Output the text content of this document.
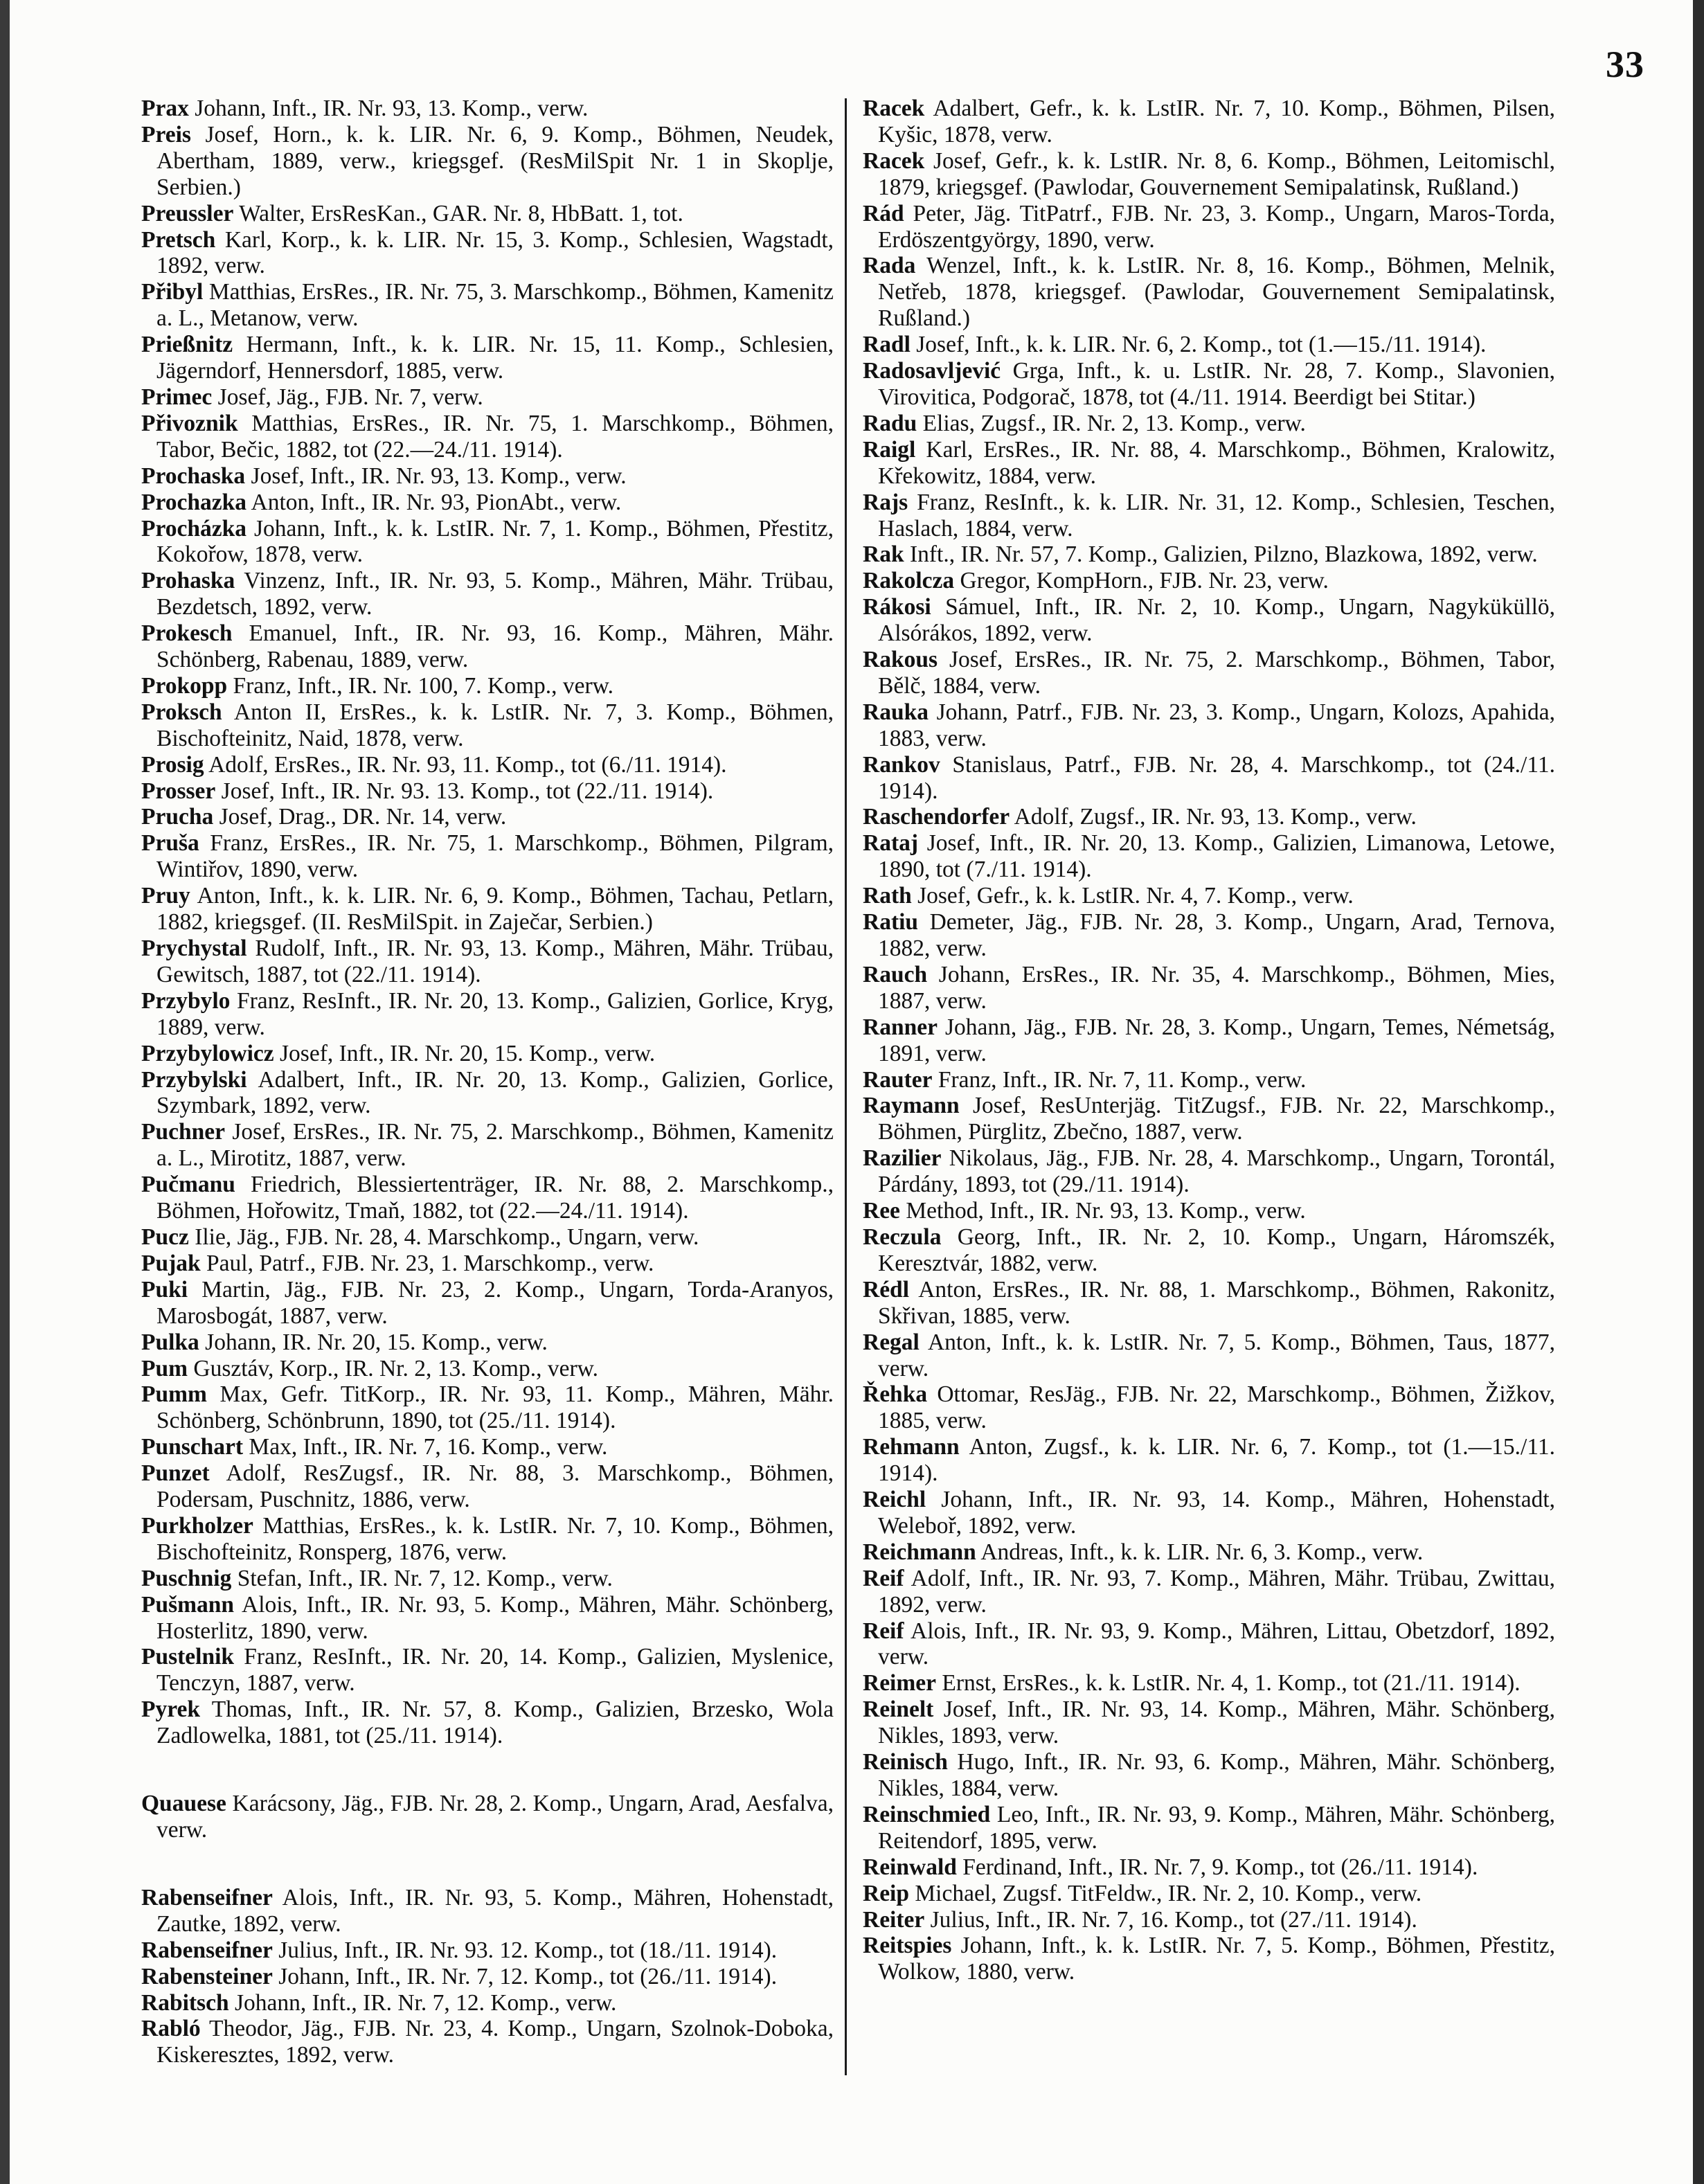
33

Prax Johann, Inft., IR. Nr. 93, 13. Komp., verw.

Preis Josef, Horn., k. k. LIR. Nr. 6, 9. Komp., Böhmen, Neudek, Abertham, 1889, verw., kriegsgef. (ResMilSpit Nr. 1 in Skoplje, Serbien.)

Preussler Walter, ErsResKan., GAR. Nr. 8, HbBatt. 1, tot.

Pretsch Karl, Korp., k. k. LIR. Nr. 15, 3. Komp., Schlesien, Wagstadt, 1892, verw.

Přibyl Matthias, ErsRes., IR. Nr. 75, 3. Marschkomp., Böhmen, Kamenitz a. L., Metanow, verw.

Prießnitz Hermann, Inft., k. k. LIR. Nr. 15, 11. Komp., Schlesien, Jägerndorf, Hennersdorf, 1885, verw.

Primec Josef, Jäg., FJB. Nr. 7, verw.

Přivoznik Matthias, ErsRes., IR. Nr. 75, 1. Marschkomp., Böhmen, Tabor, Bečic, 1882, tot (22.—24./11. 1914).

Prochaska Josef, Inft., IR. Nr. 93, 13. Komp., verw.

Prochazka Anton, Inft., IR. Nr. 93, PionAbt., verw.

Procházka Johann, Inft., k. k. LstIR. Nr. 7, 1. Komp., Böhmen, Přestitz, Kokořow, 1878, verw.

Prohaska Vinzenz, Inft., IR. Nr. 93, 5. Komp., Mähren, Mähr. Trübau, Bezdetsch, 1892, verw.

Prokesch Emanuel, Inft., IR. Nr. 93, 16. Komp., Mähren, Mähr. Schönberg, Rabenau, 1889, verw.

Prokopp Franz, Inft., IR. Nr. 100, 7. Komp., verw.

Proksch Anton II, ErsRes., k. k. LstIR. Nr. 7, 3. Komp., Böhmen, Bischofteinitz, Naid, 1878, verw.

Prosig Adolf, ErsRes., IR. Nr. 93, 11. Komp., tot (6./11. 1914).

Prosser Josef, Inft., IR. Nr. 93. 13. Komp., tot (22./11. 1914).

Prucha Josef, Drag., DR. Nr. 14, verw.

Pruša Franz, ErsRes., IR. Nr. 75, 1. Marschkomp., Böhmen, Pilgram, Wintiřov, 1890, verw.

Pruy Anton, Inft., k. k. LIR. Nr. 6, 9. Komp., Böhmen, Tachau, Petlarn, 1882, kriegsgef. (II. ResMilSpit. in Zaječar, Serbien.)

Prychystal Rudolf, Inft., IR. Nr. 93, 13. Komp., Mähren, Mähr. Trübau, Gewitsch, 1887, tot (22./11. 1914).

Przybylo Franz, ResInft., IR. Nr. 20, 13. Komp., Galizien, Gorlice, Kryg, 1889, verw.

Przybylowicz Josef, Inft., IR. Nr. 20, 15. Komp., verw.

Przybylski Adalbert, Inft., IR. Nr. 20, 13. Komp., Galizien, Gorlice, Szymbark, 1892, verw.

Puchner Josef, ErsRes., IR. Nr. 75, 2. Marschkomp., Böhmen, Kamenitz a. L., Mirotitz, 1887, verw.

Pučmanu Friedrich, Blessiertenträger, IR. Nr. 88, 2. Marschkomp., Böhmen, Hořowitz, Tmaň, 1882, tot (22.—24./11. 1914).

Pucz Ilie, Jäg., FJB. Nr. 28, 4. Marschkomp., Ungarn, verw.

Pujak Paul, Patrf., FJB. Nr. 23, 1. Marschkomp., verw.

Puki Martin, Jäg., FJB. Nr. 23, 2. Komp., Ungarn, Torda-Aranyos, Marosbogát, 1887, verw.

Pulka Johann, IR. Nr. 20, 15. Komp., verw.

Pum Gusztáv, Korp., IR. Nr. 2, 13. Komp., verw.

Pumm Max, Gefr. TitKorp., IR. Nr. 93, 11. Komp., Mähren, Mähr. Schönberg, Schönbrunn, 1890, tot (25./11. 1914).

Punschart Max, Inft., IR. Nr. 7, 16. Komp., verw.

Punzet Adolf, ResZugsf., IR. Nr. 88, 3. Marschkomp., Böhmen, Podersam, Puschnitz, 1886, verw.

Purkholzer Matthias, ErsRes., k. k. LstIR. Nr. 7, 10. Komp., Böhmen, Bischofteinitz, Ronsperg, 1876, verw.

Puschnig Stefan, Inft., IR. Nr. 7, 12. Komp., verw.

Pušmann Alois, Inft., IR. Nr. 93, 5. Komp., Mähren, Mähr. Schönberg, Hosterlitz, 1890, verw.

Pustelnik Franz, ResInft., IR. Nr. 20, 14. Komp., Galizien, Myslenice, Tenczyn, 1887, verw.

Pyrek Thomas, Inft., IR. Nr. 57, 8. Komp., Galizien, Brzesko, Wola Zadlowelka, 1881, tot (25./11. 1914).

Quauese Karácsony, Jäg., FJB. Nr. 28, 2. Komp., Ungarn, Arad, Aesfalva, verw.

Rabenseifner Alois, Inft., IR. Nr. 93, 5. Komp., Mähren, Hohenstadt, Zautke, 1892, verw.

Rabenseifner Julius, Inft., IR. Nr. 93. 12. Komp., tot (18./11. 1914).

Rabensteiner Johann, Inft., IR. Nr. 7, 12. Komp., tot (26./11. 1914).

Rabitsch Johann, Inft., IR. Nr. 7, 12. Komp., verw.

Rabló Theodor, Jäg., FJB. Nr. 23, 4. Komp., Ungarn, Szolnok-Doboka, Kiskeresztes, 1892, verw.

Racek Adalbert, Gefr., k. k. LstIR. Nr. 7, 10. Komp., Böhmen, Pilsen, Kyšic, 1878, verw.

Racek Josef, Gefr., k. k. LstIR. Nr. 8, 6. Komp., Böhmen, Leitomischl, 1879, kriegsgef. (Pawlodar, Gouvernement Semipalatinsk, Rußland.)

Rád Peter, Jäg. TitPatrf., FJB. Nr. 23, 3. Komp., Ungarn, Maros-Torda, Erdöszentgyörgy, 1890, verw.

Rada Wenzel, Inft., k. k. LstIR. Nr. 8, 16. Komp., Böhmen, Melnik, Netřeb, 1878, kriegsgef. (Pawlodar, Gouvernement Semipalatinsk, Rußland.)

Radl Josef, Inft., k. k. LIR. Nr. 6, 2. Komp., tot (1.—15./11. 1914).

Radosavljević Grga, Inft., k. u. LstIR. Nr. 28, 7. Komp., Slavonien, Virovitica, Podgorač, 1878, tot (4./11. 1914. Beerdigt bei Stitar.)

Radu Elias, Zugsf., IR. Nr. 2, 13. Komp., verw.

Raigl Karl, ErsRes., IR. Nr. 88, 4. Marschkomp., Böhmen, Kralowitz, Křekowitz, 1884, verw.

Rajs Franz, ResInft., k. k. LIR. Nr. 31, 12. Komp., Schlesien, Teschen, Haslach, 1884, verw.

Rak Inft., IR. Nr. 57, 7. Komp., Galizien, Pilzno, Blazkowa, 1892, verw.

Rakolcza Gregor, KompHorn., FJB. Nr. 23, verw.

Rákosi Sámuel, Inft., IR. Nr. 2, 10. Komp., Ungarn, Nagyküküllö, Alsórákos, 1892, verw.

Rakous Josef, ErsRes., IR. Nr. 75, 2. Marschkomp., Böhmen, Tabor, Bělč, 1884, verw.

Rauka Johann, Patrf., FJB. Nr. 23, 3. Komp., Ungarn, Kolozs, Apahida, 1883, verw.

Rankov Stanislaus, Patrf., FJB. Nr. 28, 4. Marschkomp., tot (24./11. 1914).

Raschendorfer Adolf, Zugsf., IR. Nr. 93, 13. Komp., verw.

Rataj Josef, Inft., IR. Nr. 20, 13. Komp., Galizien, Limanowa, Letowe, 1890, tot (7./11. 1914).

Rath Josef, Gefr., k. k. LstIR. Nr. 4, 7. Komp., verw.

Ratiu Demeter, Jäg., FJB. Nr. 28, 3. Komp., Ungarn, Arad, Ternova, 1882, verw.

Rauch Johann, ErsRes., IR. Nr. 35, 4. Marschkomp., Böhmen, Mies, 1887, verw.

Ranner Johann, Jäg., FJB. Nr. 28, 3. Komp., Ungarn, Temes, Németság, 1891, verw.

Rauter Franz, Inft., IR. Nr. 7, 11. Komp., verw.

Raymann Josef, ResUnterjäg. TitZugsf., FJB. Nr. 22, Marschkomp., Böhmen, Pürglitz, Zbečno, 1887, verw.

Razilier Nikolaus, Jäg., FJB. Nr. 28, 4. Marschkomp., Ungarn, Torontál, Párdány, 1893, tot (29./11. 1914).

Ree Method, Inft., IR. Nr. 93, 13. Komp., verw.

Reczula Georg, Inft., IR. Nr. 2, 10. Komp., Ungarn, Háromszék, Keresztvár, 1882, verw.

Rédl Anton, ErsRes., IR. Nr. 88, 1. Marschkomp., Böhmen, Rakonitz, Skřivan, 1885, verw.

Regal Anton, Inft., k. k. LstIR. Nr. 7, 5. Komp., Böhmen, Taus, 1877, verw.

Řehka Ottomar, ResJäg., FJB. Nr. 22, Marschkomp., Böhmen, Žižkov, 1885, verw.

Rehmann Anton, Zugsf., k. k. LIR. Nr. 6, 7. Komp., tot (1.—15./11. 1914).

Reichl Johann, Inft., IR. Nr. 93, 14. Komp., Mähren, Hohenstadt, Weleboř, 1892, verw.

Reichmann Andreas, Inft., k. k. LIR. Nr. 6, 3. Komp., verw.

Reif Adolf, Inft., IR. Nr. 93, 7. Komp., Mähren, Mähr. Trübau, Zwittau, 1892, verw.

Reif Alois, Inft., IR. Nr. 93, 9. Komp., Mähren, Littau, Obetzdorf, 1892, verw.

Reimer Ernst, ErsRes., k. k. LstIR. Nr. 4, 1. Komp., tot (21./11. 1914).

Reinelt Josef, Inft., IR. Nr. 93, 14. Komp., Mähren, Mähr. Schönberg, Nikles, 1893, verw.

Reinisch Hugo, Inft., IR. Nr. 93, 6. Komp., Mähren, Mähr. Schönberg, Nikles, 1884, verw.

Reinschmied Leo, Inft., IR. Nr. 93, 9. Komp., Mähren, Mähr. Schönberg, Reitendorf, 1895, verw.

Reinwald Ferdinand, Inft., IR. Nr. 7, 9. Komp., tot (26./11. 1914).

Reip Michael, Zugsf. TitFeldw., IR. Nr. 2, 10. Komp., verw.

Reiter Julius, Inft., IR. Nr. 7, 16. Komp., tot (27./11. 1914).

Reitspies Johann, Inft., k. k. LstIR. Nr. 7, 5. Komp., Böhmen, Přestitz, Wolkow, 1880, verw.
